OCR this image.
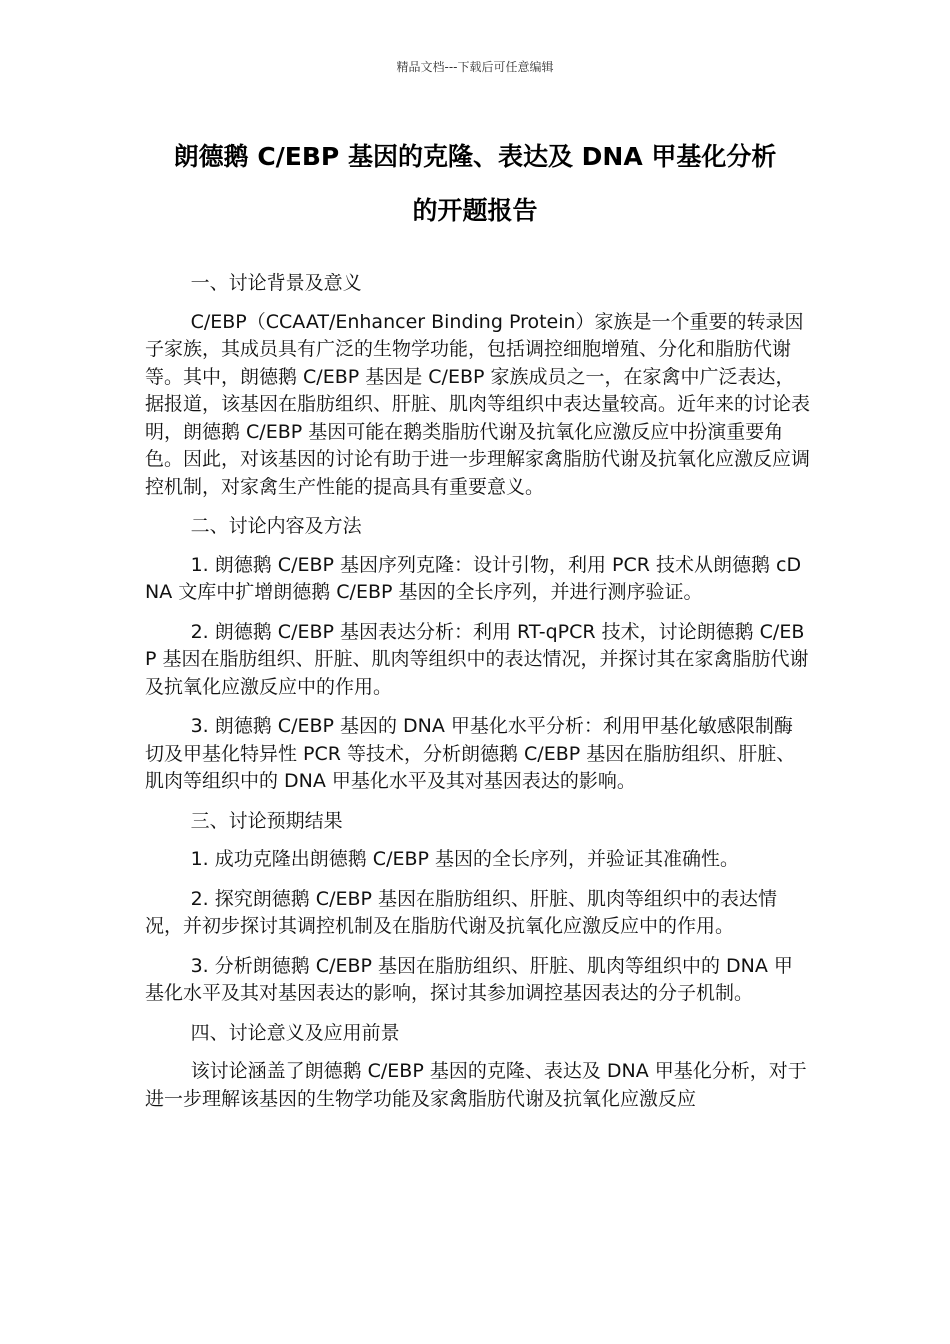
精品文档---下载后可任意编辑
朗德鹅 C/EBP 基因的克隆、表达及 DNA 甲基化分析
的开题报告

一、讨论背景及意义

C/EBP（CCAAT/Enhancer Binding Protein）家族是一个重要的转录因子家族，其成员具有广泛的生物学功能，包括调控细胞增殖、分化和脂肪代谢等。其中，朗德鹅 C/EBP 基因是 C/EBP 家族成员之一，在家禽中广泛表达，据报道，该基因在脂肪组织、肝脏、肌肉等组织中表达量较高。近年来的讨论表明，朗德鹅 C/EBP 基因可能在鹅类脂肪代谢及抗氧化应激反应中扮演重要角色。因此，对该基因的讨论有助于进一步理解家禽脂肪代谢及抗氧化应激反应调控机制，对家禽生产性能的提高具有重要意义。

二、讨论内容及方法

1. 朗德鹅 C/EBP 基因序列克隆：设计引物，利用 PCR 技术从朗德鹅 cDNA 文库中扩增朗德鹅 C/EBP 基因的全长序列，并进行测序验证。

2. 朗德鹅 C/EBP 基因表达分析：利用 RT-qPCR 技术，讨论朗德鹅 C/EBP 基因在脂肪组织、肝脏、肌肉等组织中的表达情况，并探讨其在家禽脂肪代谢及抗氧化应激反应中的作用。

3. 朗德鹅 C/EBP 基因的 DNA 甲基化水平分析：利用甲基化敏感限制酶切及甲基化特异性 PCR 等技术，分析朗德鹅 C/EBP 基因在脂肪组织、肝脏、肌肉等组织中的 DNA 甲基化水平及其对基因表达的影响。

三、讨论预期结果

1. 成功克隆出朗德鹅 C/EBP 基因的全长序列，并验证其准确性。

2. 探究朗德鹅 C/EBP 基因在脂肪组织、肝脏、肌肉等组织中的表达情况，并初步探讨其调控机制及在脂肪代谢及抗氧化应激反应中的作用。

3. 分析朗德鹅 C/EBP 基因在脂肪组织、肝脏、肌肉等组织中的 DNA 甲基化水平及其对基因表达的影响，探讨其参加调控基因表达的分子机制。

四、讨论意义及应用前景

该讨论涵盖了朗德鹅 C/EBP 基因的克隆、表达及 DNA 甲基化分析，对于进一步理解该基因的生物学功能及家禽脂肪代谢及抗氧化应激反应
